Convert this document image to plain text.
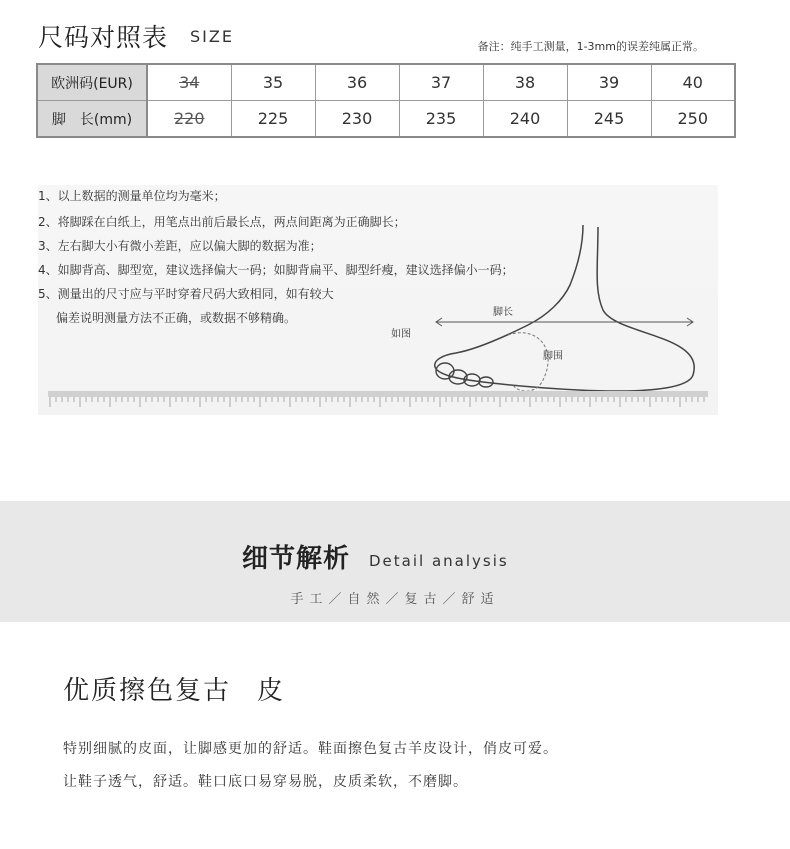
尺码对照表 SIZE
备注：纯手工测量，1-3mm的误差纯属正常。
欧洲码(EUR)	34	35	36	37	38	39	40
脚　长(mm)	220	225	230	235	240	245	250
1、以上数据的测量单位均为毫米；
2、将脚踩在白纸上，用笔点出前后最长点，两点间距离为正确脚长；
3、左右脚大小有微小差距，应以偏大脚的数据为准；
4、如脚背高、脚型宽，建议选择偏大一码；如脚背扁平、脚型纤瘦，建议选择偏小一码；
5、测量出的尺寸应与平时穿着尺码大致相同，如有较大
偏差说明测量方法不正确，或数据不够精确。
如图
脚长
脚围
细节解析 Detail analysis
手工／自然／复古／舒适
优质擦色复古 皮
特别细腻的皮面，让脚感更加的舒适。鞋面擦色复古羊皮设计，俏皮可爱。
让鞋子透气，舒适。鞋口底口易穿易脱，皮质柔软，不磨脚。
